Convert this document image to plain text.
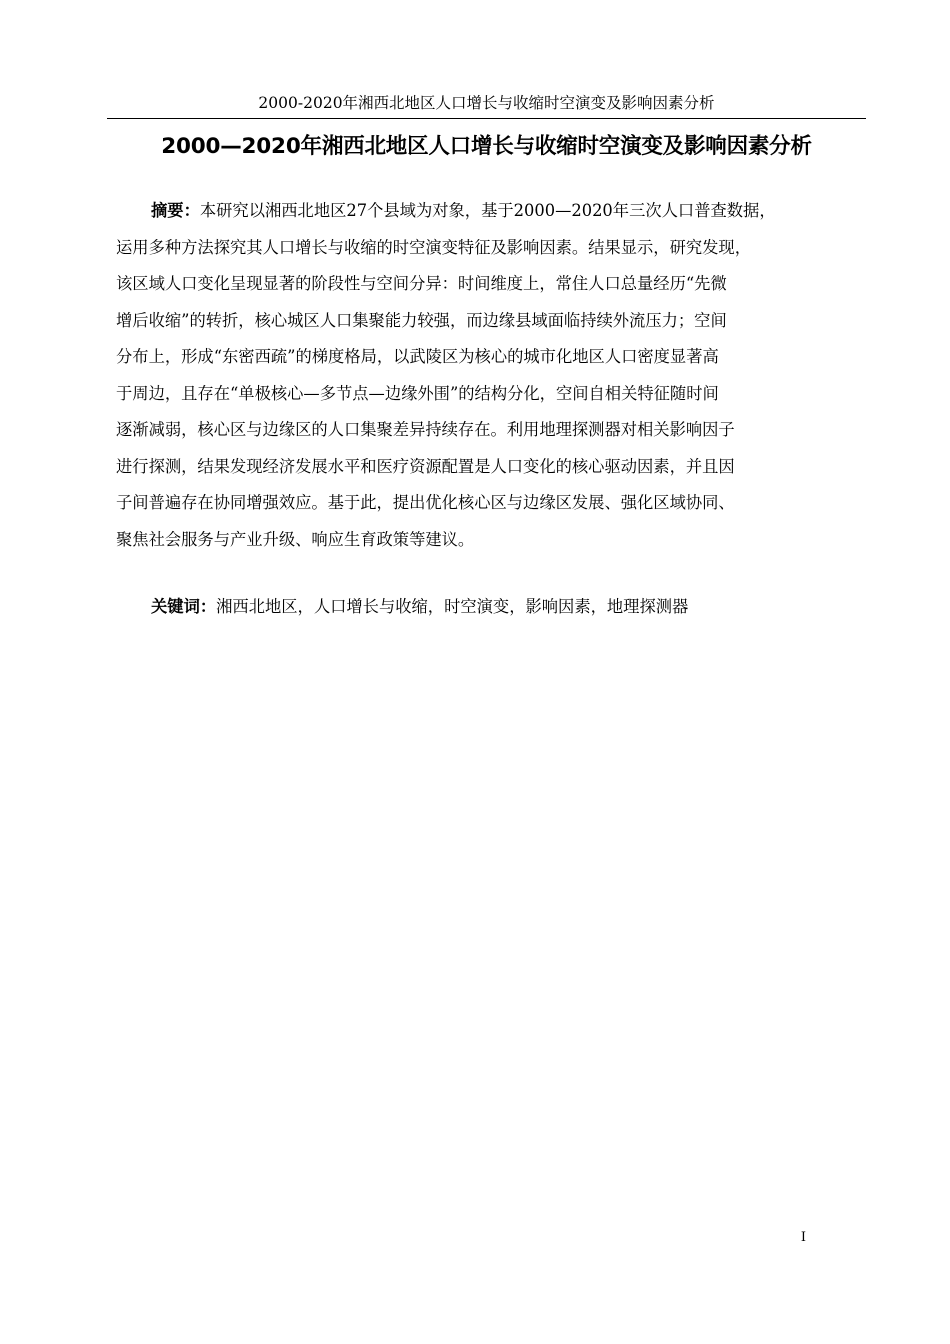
2000-2020年湘西北地区人口增长与收缩时空演变及影响因素分析
2000—2020年湘西北地区人口增长与收缩时空演变及影响因素分析
摘要：本研究以湘西北地区27个县域为对象，基于2000—2020年三次人口普查数据，
运用多种方法探究其人口增长与收缩的时空演变特征及影响因素。结果显示，研究发现，
该区域人口变化呈现显著的阶段性与空间分异：时间维度上，常住人口总量经历“先微
增后收缩”的转折，核心城区人口集聚能力较强，而边缘县域面临持续外流压力；空间
分布上，形成“东密西疏”的梯度格局，以武陵区为核心的城市化地区人口密度显著高
于周边，且存在“单极核心—多节点—边缘外围”的结构分化，空间自相关特征随时间
逐渐减弱，核心区与边缘区的人口集聚差异持续存在。利用地理探测器对相关影响因子
进行探测，结果发现经济发展水平和医疗资源配置是人口变化的核心驱动因素，并且因
子间普遍存在协同增强效应。基于此，提出优化核心区与边缘区发展、强化区域协同、
聚焦社会服务与产业升级、响应生育政策等建议。
关键词：湘西北地区，人口增长与收缩，时空演变，影响因素，地理探测器
I
